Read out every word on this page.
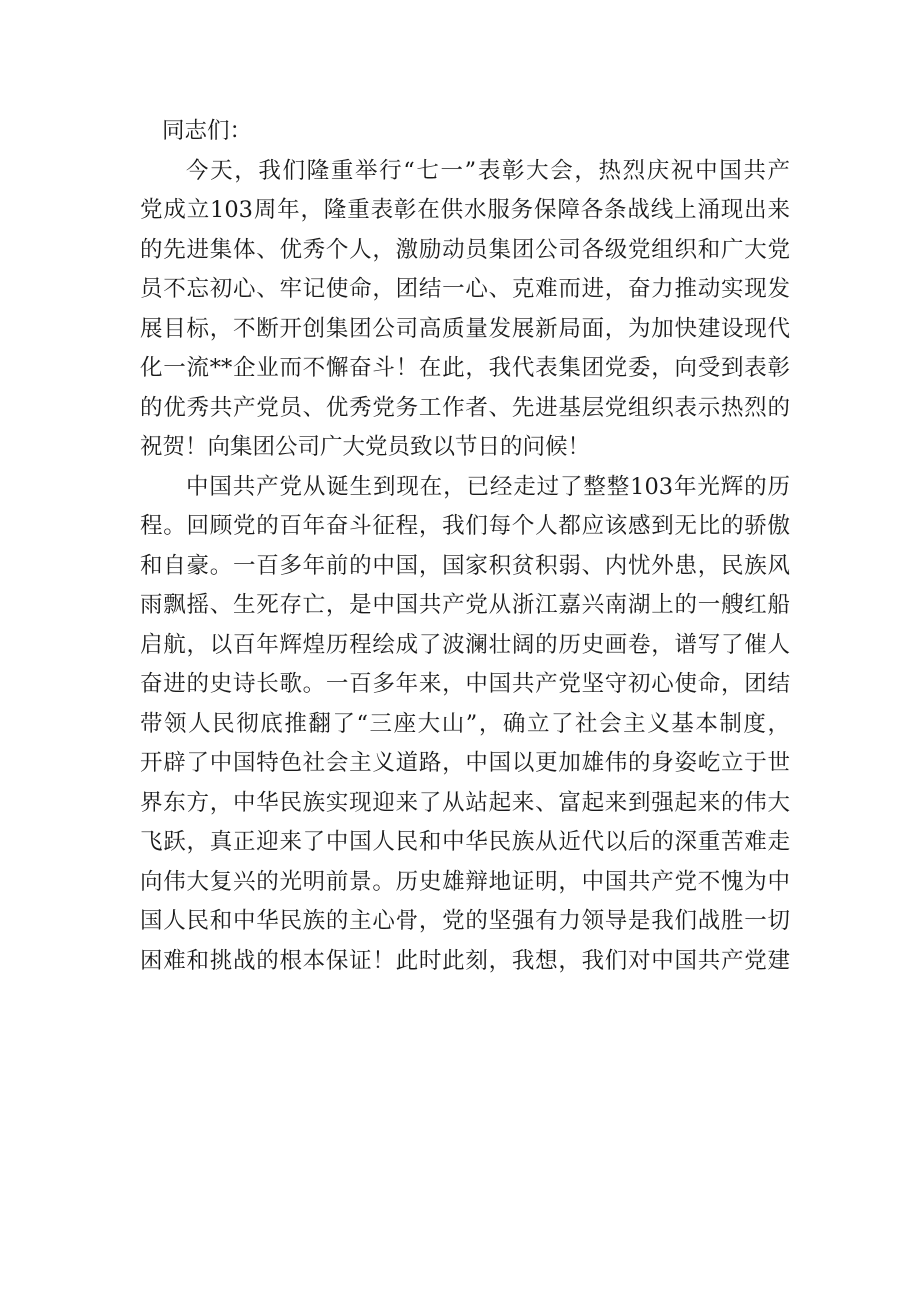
同志们：
今天，我们隆重举行“七一”表彰大会，热烈庆祝中国共产
党成立103周年，隆重表彰在供水服务保障各条战线上涌现出来
的先进集体、优秀个人，激励动员集团公司各级党组织和广大党
员不忘初心、牢记使命，团结一心、克难而进，奋力推动实现发
展目标，不断开创集团公司高质量发展新局面，为加快建设现代
化一流**企业而不懈奋斗！在此，我代表集团党委，向受到表彰
的优秀共产党员、优秀党务工作者、先进基层党组织表示热烈的
祝贺！向集团公司广大党员致以节日的问候！
中国共产党从诞生到现在，已经走过了整整103年光辉的历
程。回顾党的百年奋斗征程，我们每个人都应该感到无比的骄傲
和自豪。一百多年前的中国，国家积贫积弱、内忧外患，民族风
雨飘摇、生死存亡，是中国共产党从浙江嘉兴南湖上的一艘红船
启航，以百年辉煌历程绘成了波澜壮阔的历史画卷，谱写了催人
奋进的史诗长歌。一百多年来，中国共产党坚守初心使命，团结
带领人民彻底推翻了“三座大山”，确立了社会主义基本制度，
开辟了中国特色社会主义道路，中国以更加雄伟的身姿屹立于世
界东方，中华民族实现迎来了从站起来、富起来到强起来的伟大
飞跃，真正迎来了中国人民和中华民族从近代以后的深重苦难走
向伟大复兴的光明前景。历史雄辩地证明，中国共产党不愧为中
国人民和中华民族的主心骨，党的坚强有力领导是我们战胜一切
困难和挑战的根本保证！此时此刻，我想，我们对中国共产党建
